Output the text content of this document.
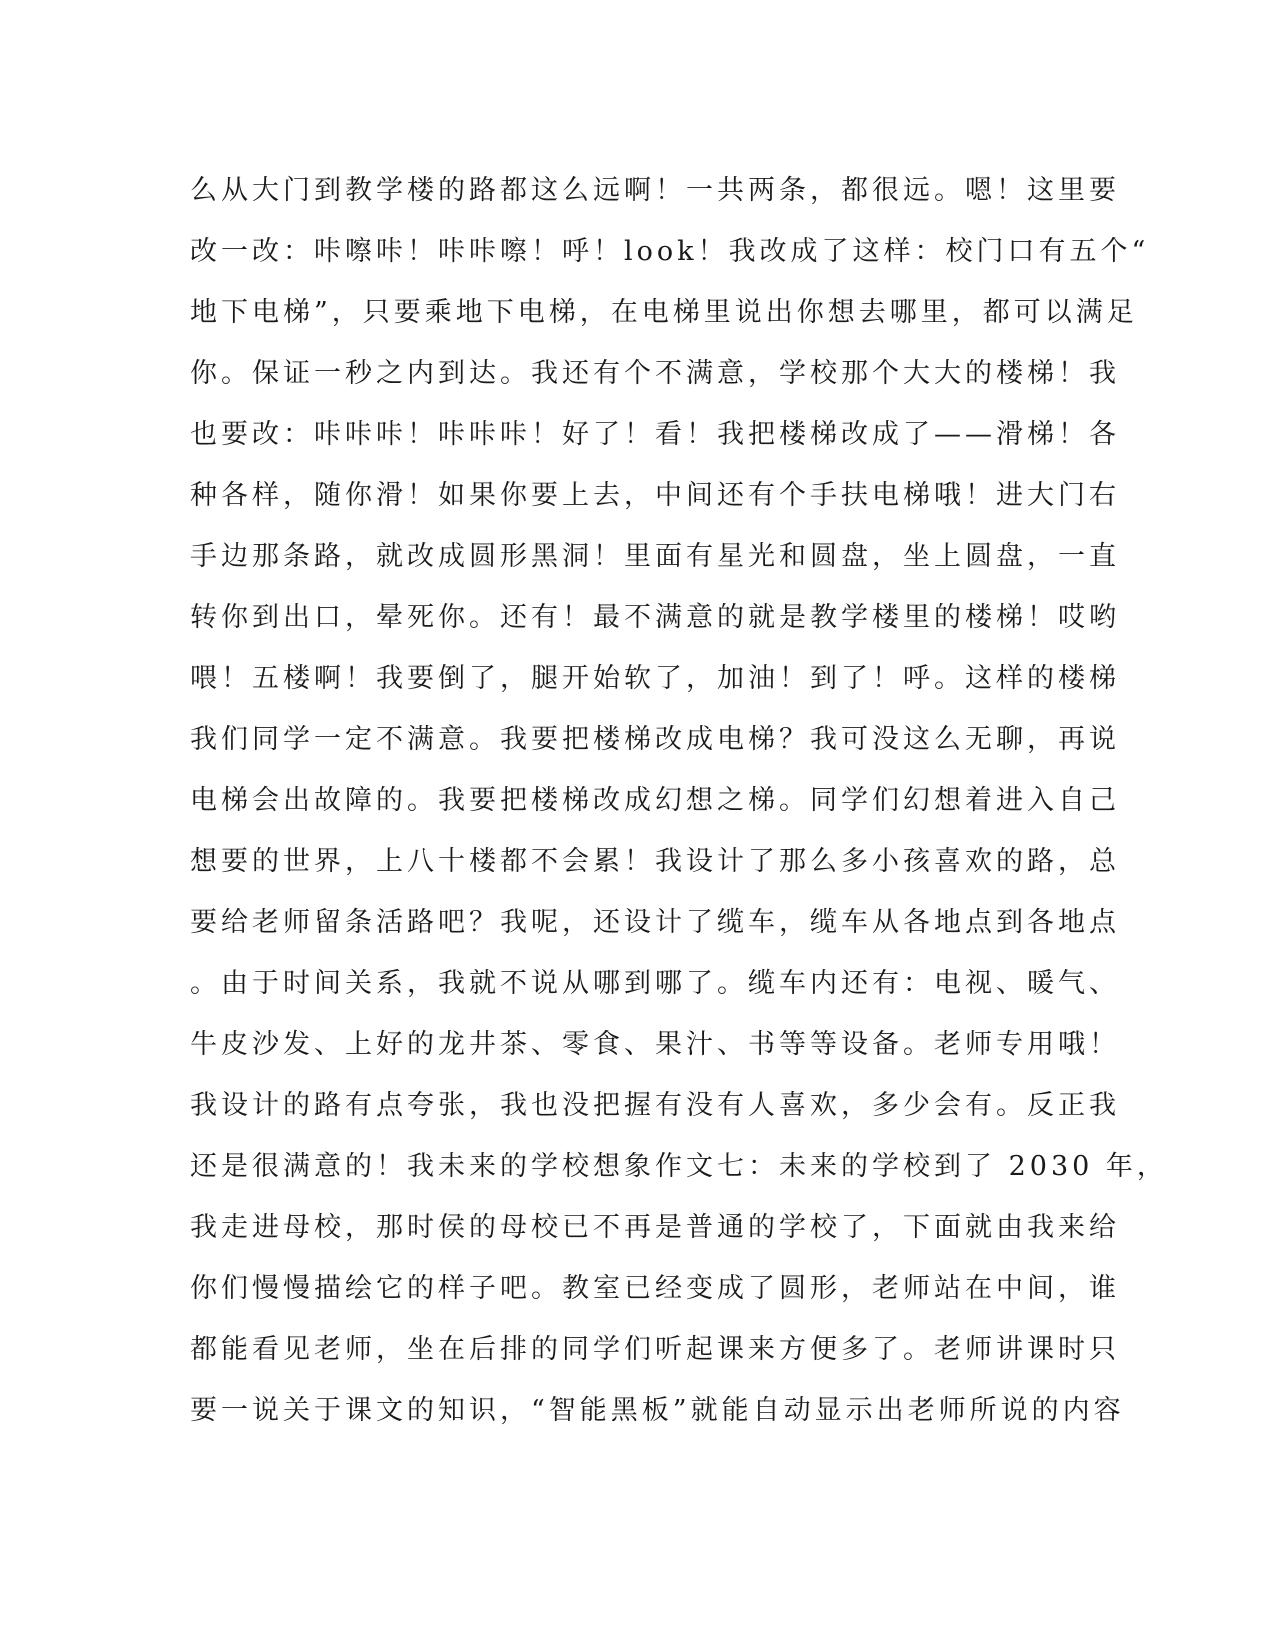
么从大门到教学楼的路都这么远啊！一共两条，都很远。嗯！这里要
改一改：咔嚓咔！咔咔嚓！呼！look！我改成了这样：校门口有五个“
地下电梯”，只要乘地下电梯，在电梯里说出你想去哪里，都可以满足
你。保证一秒之内到达。我还有个不满意，学校那个大大的楼梯！我
也要改：咔咔咔！咔咔咔！好了！看！我把楼梯改成了——滑梯！各
种各样，随你滑！如果你要上去，中间还有个手扶电梯哦！进大门右
手边那条路，就改成圆形黑洞！里面有星光和圆盘，坐上圆盘，一直
转你到出口，晕死你。还有！最不满意的就是教学楼里的楼梯！哎哟
喂！五楼啊！我要倒了，腿开始软了，加油！到了！呼。这样的楼梯
我们同学一定不满意。我要把楼梯改成电梯？我可没这么无聊，再说
电梯会出故障的。我要把楼梯改成幻想之梯。同学们幻想着进入自己
想要的世界，上八十楼都不会累！我设计了那么多小孩喜欢的路，总
要给老师留条活路吧？我呢，还设计了缆车，缆车从各地点到各地点
。由于时间关系，我就不说从哪到哪了。缆车内还有：电视、暖气、
牛皮沙发、上好的龙井茶、零食、果汁、书等等设备。老师专用哦！
我设计的路有点夸张，我也没把握有没有人喜欢，多少会有。反正我
还是很满意的！我未来的学校想象作文七：未来的学校到了 2030 年，
我走进母校，那时侯的母校已不再是普通的学校了，下面就由我来给
你们慢慢描绘它的样子吧。教室已经变成了圆形，老师站在中间，谁
都能看见老师，坐在后排的同学们听起课来方便多了。老师讲课时只
要一说关于课文的知识，“智能黑板”就能自动显示出老师所说的内容
